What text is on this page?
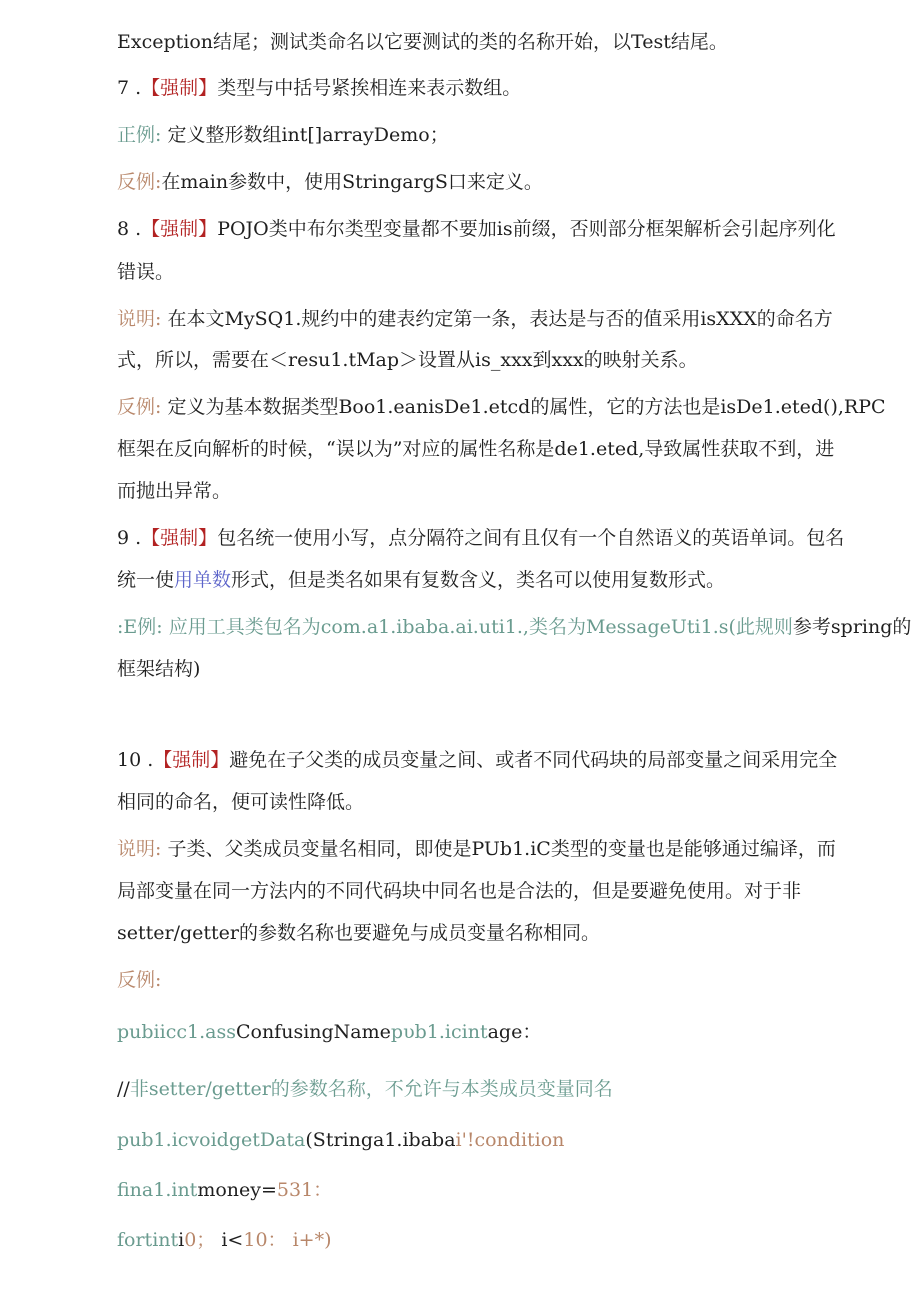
Exception结尾；测试类命名以它要测试的类的名称开始，以Test结尾。
7 .【强制】类型与中括号紧挨相连来表示数组。
正例: 定义整形数组int[]arrayDemo；
反例:在main参数中，使用StringargS口来定义。
8 .【强制】POJO类中布尔类型变量都不要加is前缀，否则部分框架解析会引起序列化
错误。
说明: 在本文MySQ1.规约中的建表约定第一条，表达是与否的值采用isXXX的命名方
式，所以，需要在＜resu1.tMap＞设置从is_xxx到xxx的映射关系。
反例: 定义为基本数据类型Boo1.eanisDe1.etcd的属性，它的方法也是isDe1.eted(),RPC
框架在反向解析的时候，“误以为”对应的属性名称是de1.eted,导致属性获取不到，进
而抛出异常。
9 .【强制】包名统一使用小写，点分隔符之间有且仅有一个自然语义的英语单词。包名
统一使用单数形式，但是类名如果有复数含义，类名可以使用复数形式。
:E例: 应用工具类包名为com.a1.ibaba.ai.uti1.,类名为MessageUti1.s(此规则参考spring的
框架结构)
10 .【强制】避免在子父类的成员变量之间、或者不同代码块的局部变量之间采用完全
相同的命名，便可读性降低。
说明: 子类、父类成员变量名相同，即使是PUb1.iC类型的变量也是能够通过编译，而
局部变量在同一方法内的不同代码块中同名也是合法的，但是要避免使用。对于非
setter/getter的参数名称也要避免与成员变量名称相同。
反例:
pubiicc1.assConfusingNamepυb1.icintage：
//非setter/getter的参数名称，不允许与本类成员变量同名
pub1.icvoidgetData(Stringa1.ibabai'!condition
fina1.intmoney=531：
fortinti0； i<10： i+*)
